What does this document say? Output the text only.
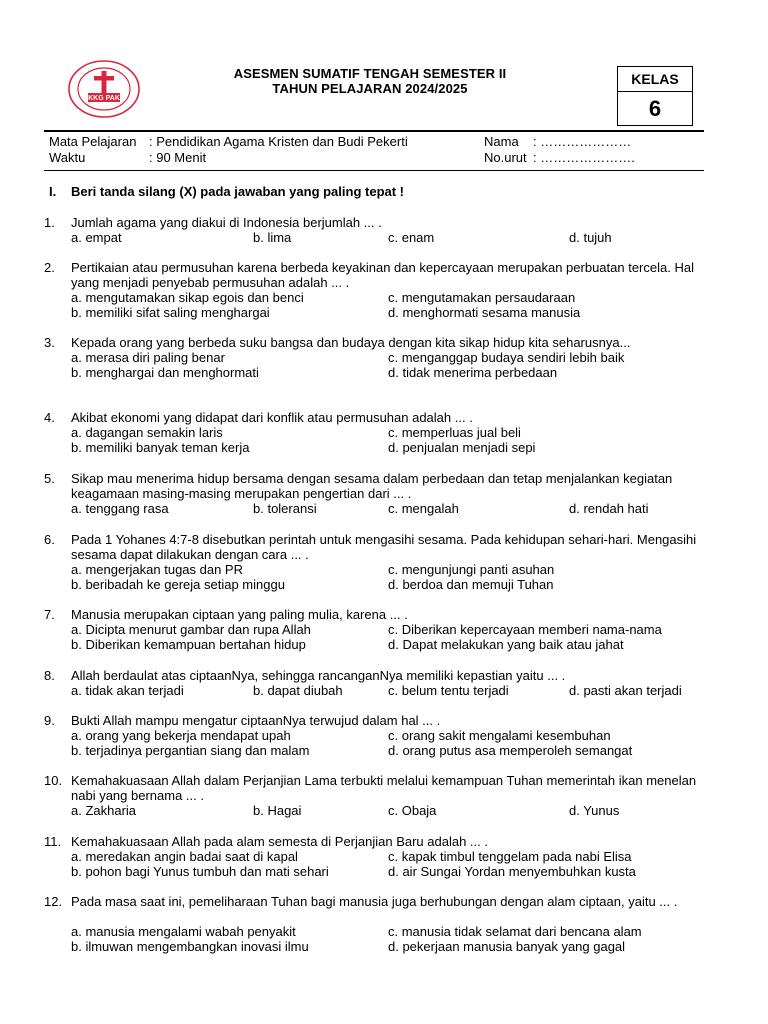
· · · · · · · · · · ·
KKG PAK
ASESMEN SUMATIF TENGAH SEMESTER II
TAHUN PELAJARAN 2024/2025
KELAS
6
Mata Pelajaran : Pendidikan Agama Kristen dan Budi Pekerti
Waktu	: 90 Menit
Nama : …………………
No.urut : ………………….
I. Beri tanda silang (X) pada jawaban yang paling tepat !
1. Jumlah agama yang diakui di Indonesia berjumlah ... .
a. empat	b. lima	c. enam	d. tujuh
2. Pertikaian atau permusuhan karena berbeda keyakinan dan kepercayaan merupakan perbuatan tercela. Hal yang menjadi penyebab permusuhan adalah ... .
a. mengutamakan sikap egois dan benci
b. memiliki sifat saling menghargai
c. mengutamakan persaudaraan
d. menghormati sesama manusia
3. Kepada orang yang berbeda suku bangsa dan budaya dengan kita sikap hidup kita seharusnya...
a. merasa diri paling benar
b. menghargai dan menghormati
c. menganggap budaya sendiri lebih baik
d. tidak menerima perbedaan
4. Akibat ekonomi yang didapat dari konflik atau permusuhan adalah ... .
a. dagangan semakin laris
b. memiliki banyak teman kerja
c. memperluas jual beli
d. penjualan menjadi sepi
5. Sikap mau menerima hidup bersama dengan sesama dalam perbedaan dan tetap menjalankan kegiatan keagamaan masing-masing merupakan pengertian dari ... .
a. tenggang rasa	b. toleransi	c. mengalah	d. rendah hati
6. Pada 1 Yohanes 4:7-8 disebutkan perintah untuk mengasihi sesama. Pada kehidupan sehari-hari. Mengasihi sesama dapat dilakukan dengan cara ... .
a. mengerjakan tugas dan PR
b. beribadah ke gereja setiap minggu
c. mengunjungi panti asuhan
d. berdoa dan memuji Tuhan
7. Manusia merupakan ciptaan yang paling mulia, karena ... .
a. Dicipta menurut gambar dan rupa Allah
b. Diberikan kemampuan bertahan hidup
c. Diberikan kepercayaan memberi nama-nama
d. Dapat melakukan yang baik atau jahat
8. Allah berdaulat atas ciptaanNya, sehingga rancanganNya memiliki kepastian yaitu ... .
a. tidak akan terjadi	b. dapat diubah	c. belum tentu terjadi	d. pasti akan terjadi
9. Bukti Allah mampu mengatur ciptaanNya terwujud dalam hal ... .
a. orang yang bekerja mendapat upah
b. terjadinya pergantian siang dan malam
c. orang sakit mengalami kesembuhan
d. orang putus asa memperoleh semangat
10. Kemahakuasaan Allah dalam Perjanjian Lama terbukti melalui kemampuan Tuhan memerintah ikan menelan nabi yang bernama ... .
a. Zakharia	b. Hagai	c. Obaja	d. Yunus
11. Kemahakuasaan Allah pada alam semesta di Perjanjian Baru adalah ... .
a. meredakan angin badai saat di kapal
b. pohon bagi Yunus tumbuh dan mati sehari
c. kapak timbul tenggelam pada nabi Elisa
d. air Sungai Yordan menyembuhkan kusta
12. Pada masa saat ini, pemeliharaan Tuhan bagi manusia juga berhubungan dengan alam ciptaan, yaitu ... .
a. manusia mengalami wabah penyakit
b. ilmuwan mengembangkan inovasi ilmu
c. manusia tidak selamat dari bencana alam
d. pekerjaan manusia banyak yang gagal
